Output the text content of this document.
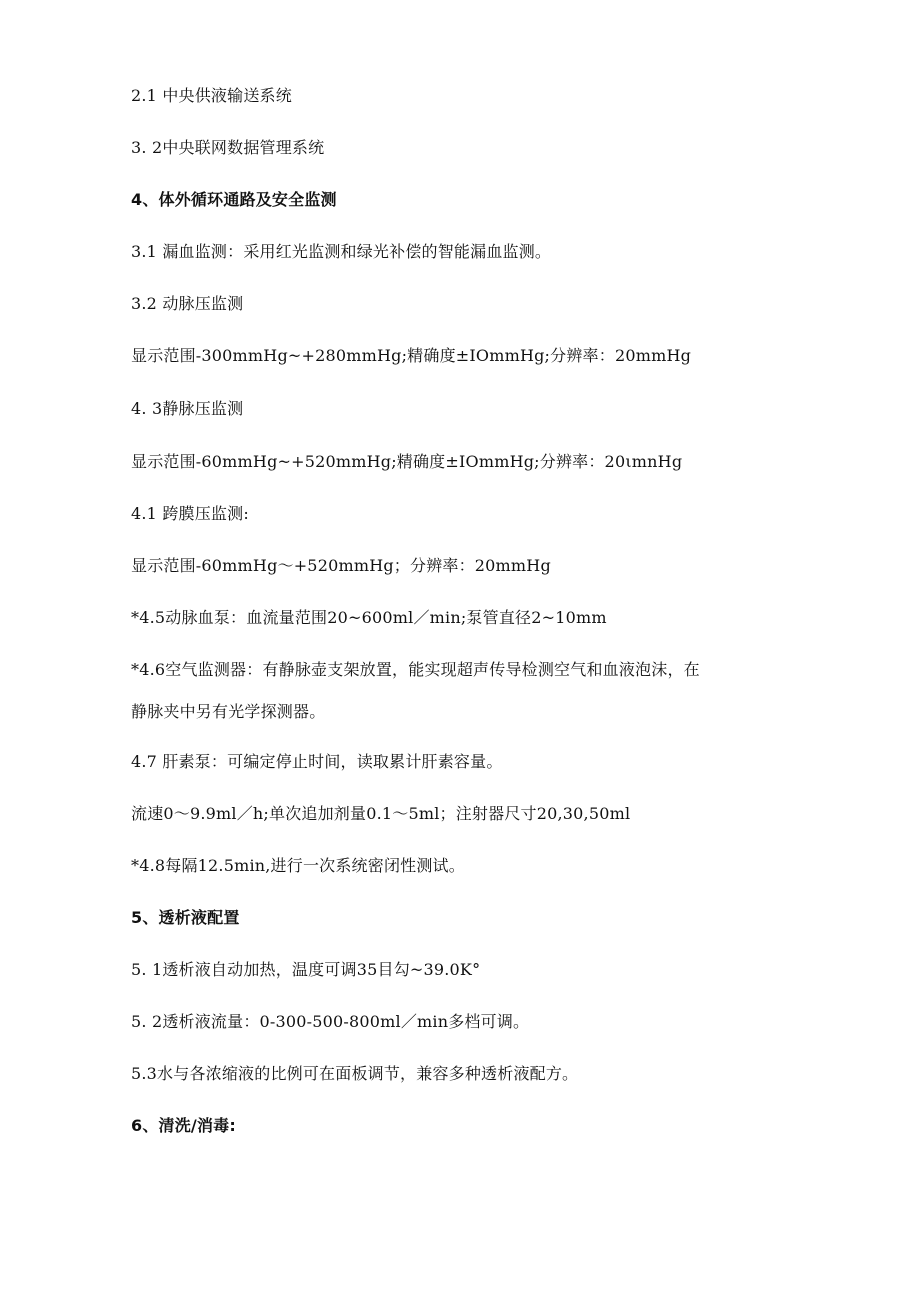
2.1 中央供液输送系统
3. 2中央联网数据管理系统
4、体外循环通路及安全监测
3.1 漏血监测：采用红光监测和绿光补偿的智能漏血监测。
3.2 动脉压监测
显示范围-300mmHg~+280mmHg;精确度±IOmmHg;分辨率：20mmHg
4. 3静脉压监测
显示范围-60mmHg~+520mmHg;精确度±IOmmHg;分辨率：20ιmnHg
4.1 跨膜压监测:
显示范围-60mmHg～+520mmHg；分辨率：20mmHg
*4.5动脉血泵：血流量范围20~600ml／min;泵管直径2~10mm
*4.6空气监测器：有静脉壶支架放置，能实现超声传导检测空气和血液泡沫，在
静脉夹中另有光学探测器。
4.7 肝素泵：可编定停止时间，读取累计肝素容量。
流速0～9.9ml／h;单次追加剂量0.1～5ml；注射器尺寸20,30,50ml
*4.8每隔12.5min,进行一次系统密闭性测试。
5、透析液配置
5. 1透析液自动加热，温度可调35目勾~39.0K°
5. 2透析液流量：0-300-500-800ml／min多档可调。
5.3水与各浓缩液的比例可在面板调节，兼容多种透析液配方。
6、清洗/消毒:
